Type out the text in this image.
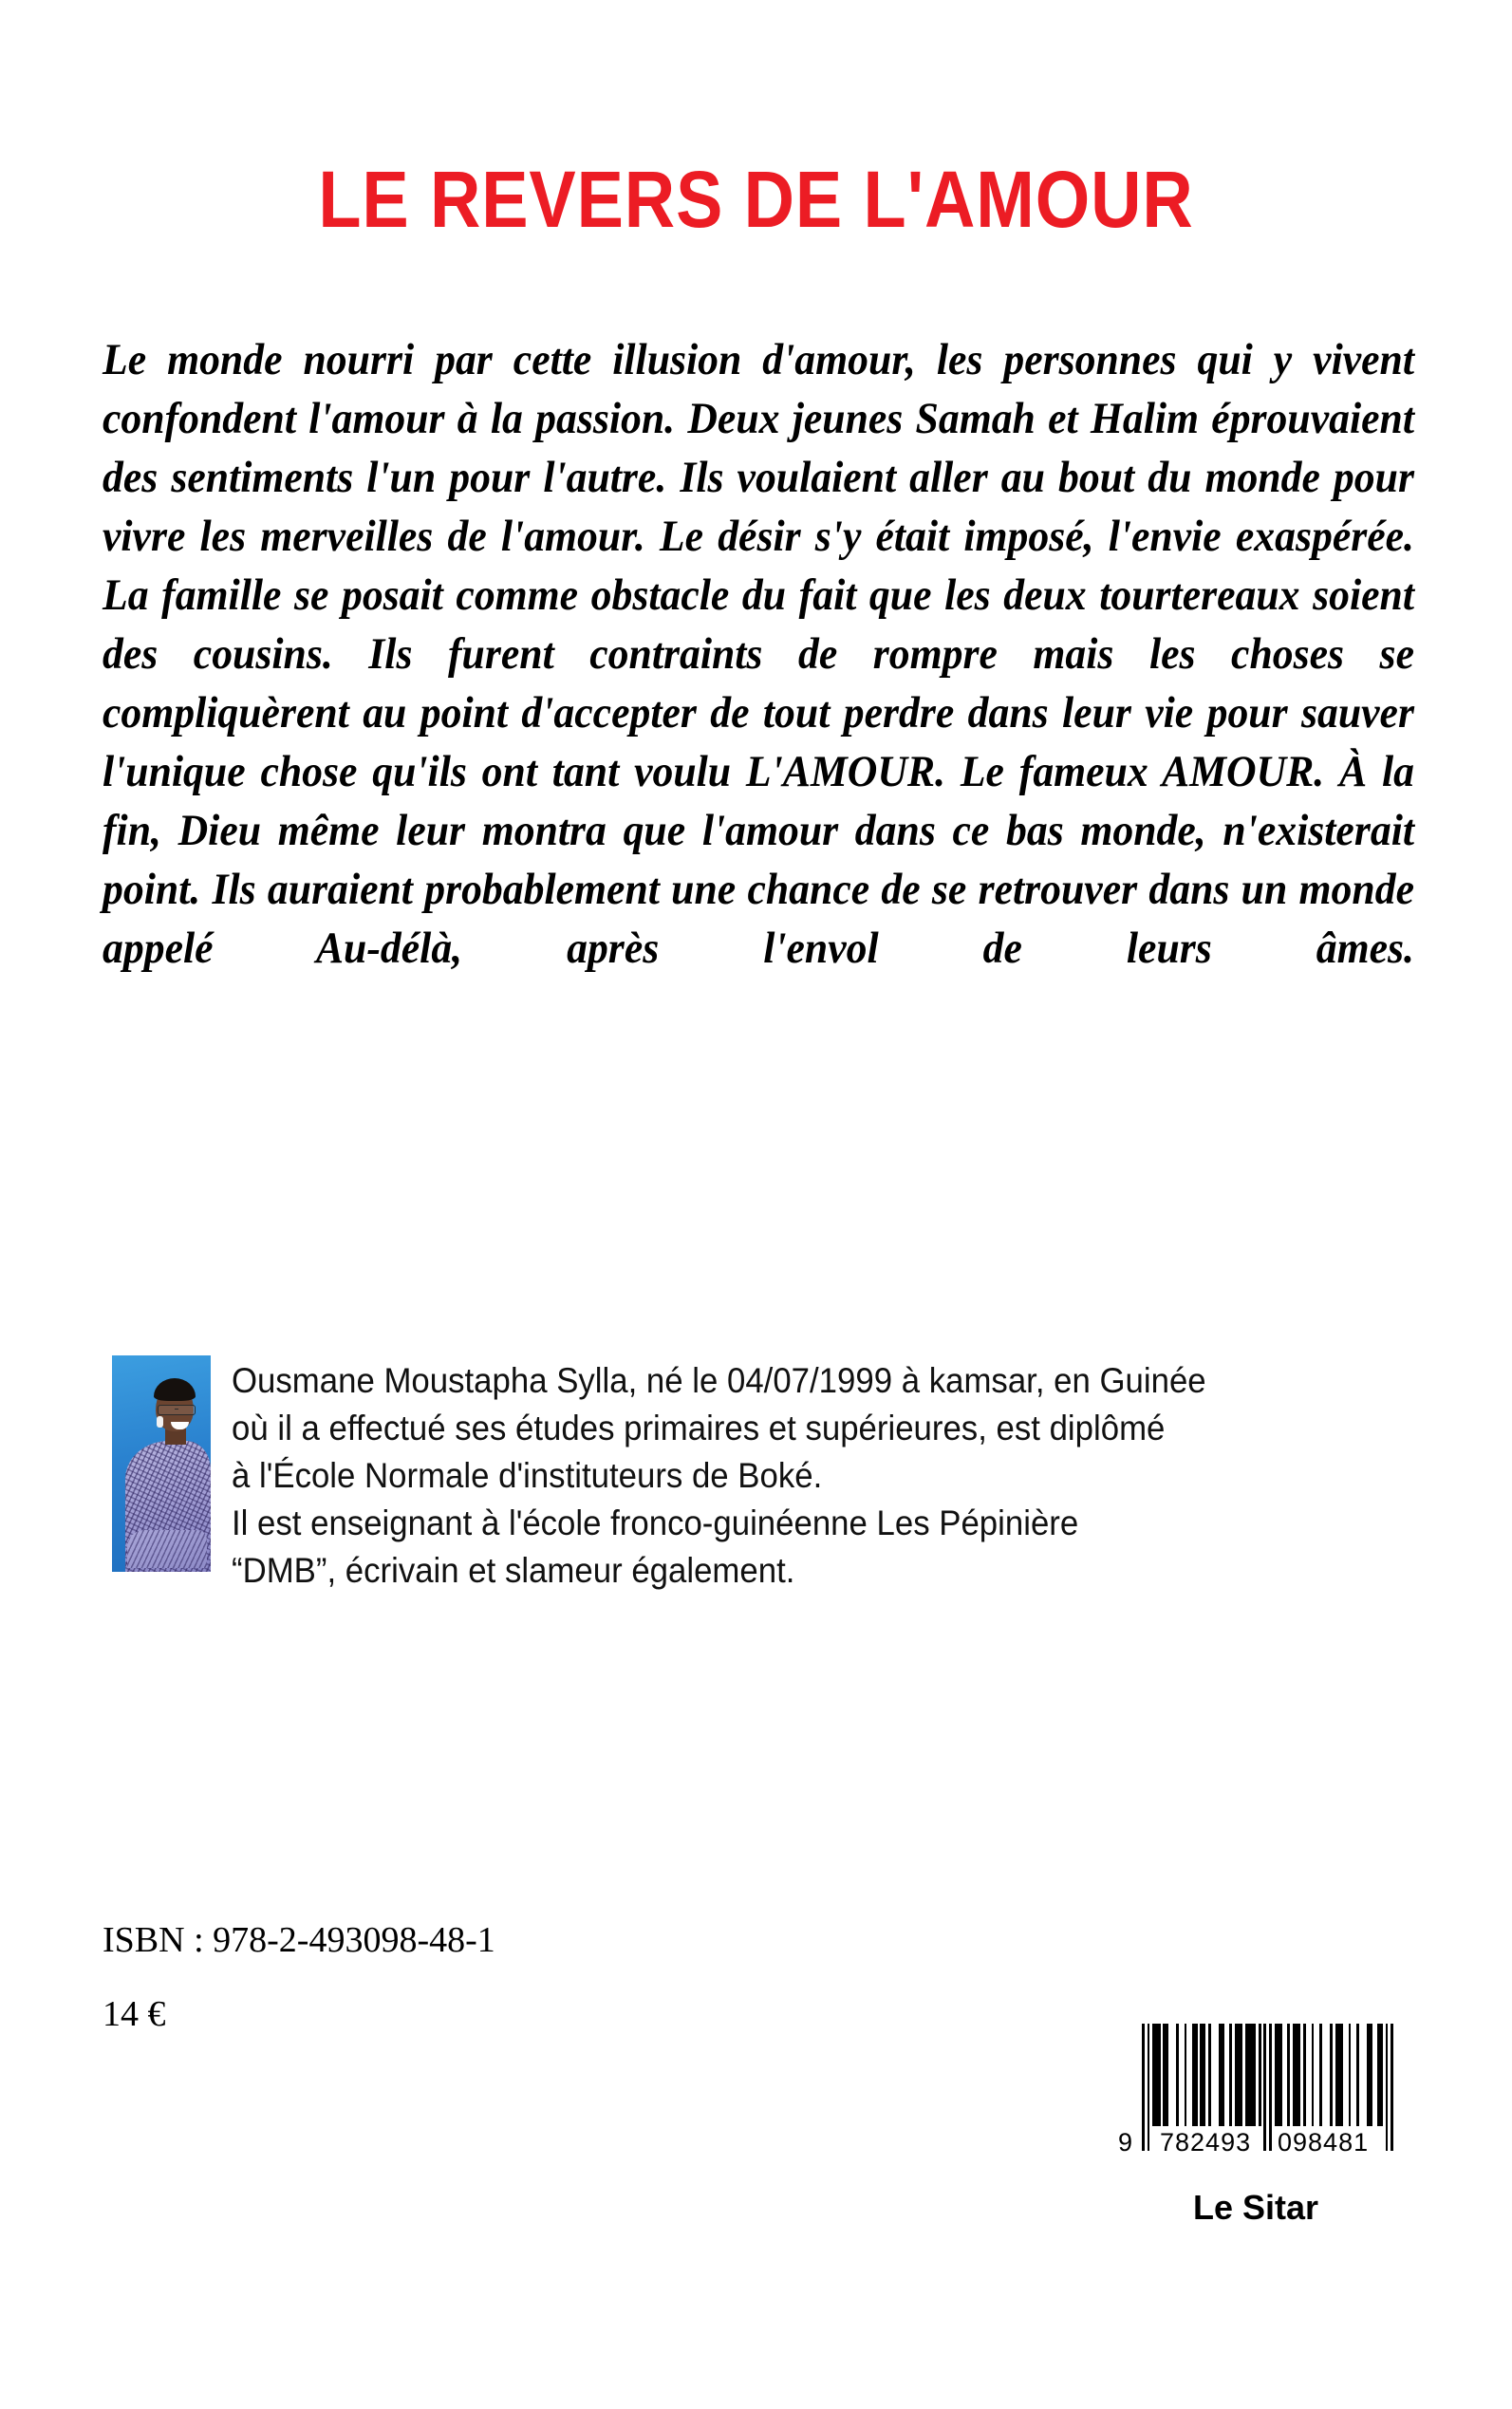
LE REVERS DE L'AMOUR

Le monde nourri par cette illusion d'amour, les personnes qui y vivent confondent l'amour à la passion. Deux jeunes Samah et Halim éprouvaient des sentiments l'un pour l'autre. Ils voulaient aller au bout du monde pour vivre les merveilles de l'amour. Le désir s'y était imposé, l'envie exaspérée. La famille se posait comme obstacle du fait que les deux tourtereaux soient des cousins. Ils furent contraints de rompre mais les choses se compliquèrent au point d'accepter de tout perdre dans leur vie pour sauver l'unique chose qu'ils ont tant voulu L'AMOUR. Le fameux AMOUR. À la fin, Dieu même leur montra que l'amour dans ce bas monde, n'existerait point. Ils auraient probablement une chance de se retrouver dans un monde appelé Au-délà, après l'envol de leurs âmes.

Ousmane Moustapha Sylla, né le 04/07/1999 à kamsar, en Guinée

où il a effectué ses études primaires et supérieures, est diplômé

à l'École Normale d'instituteurs de Boké.

Il est enseignant à l'école fronco-guinéenne Les Pépinière

“DMB”, écrivain et slameur également.

ISBN : 978-2-493098-48-1

14 €

9 782493 098481
Le Sitar
